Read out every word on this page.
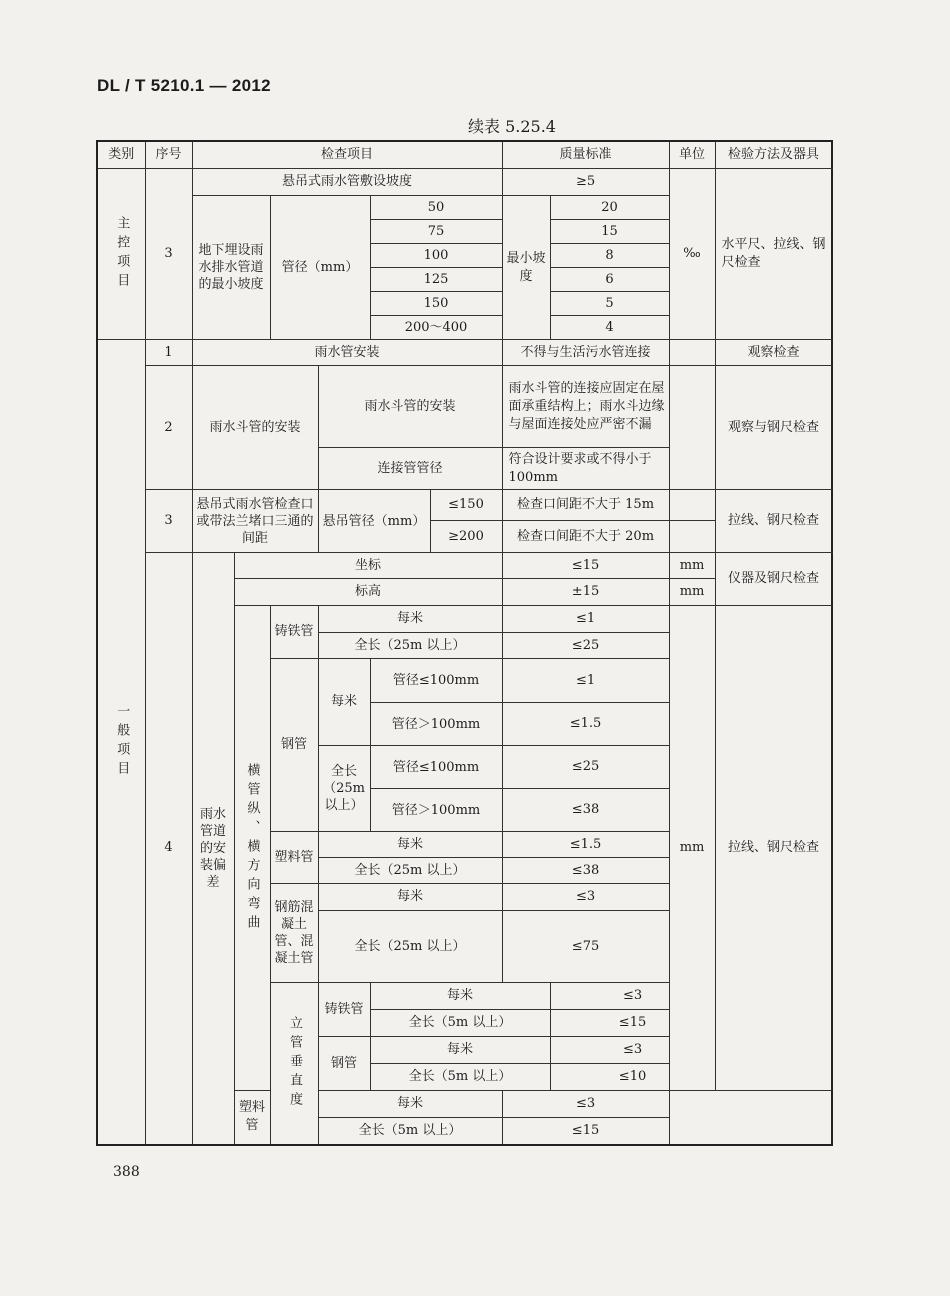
DL / T 5210.1 — 2012
续表 5.25.4
类别	序号	检查项目						质量标准		单位	检验方法及器具	
主控项目	3	悬吊式雨水管敷设坡度						≥5		‰	水平尺、拉线、钢尺检查	
		地下埋设雨水排水管道的最小坡度		管径（mm）		50		最小坡度	20			
						75			15			
						100			8			
						125			6			
						150			5			
						200～400			4			
一般项目	1	雨水管安装						不得与生活污水管连接			观察检查	
	2	雨水斗管的安装			雨水斗管的安装			雨水斗管的连接应固定在屋面承重结构上；雨水斗边缘与屋面连接处应严密不漏			观察与钢尺检查	
					连接管管径			符合设计要求或不得小于 100mm				
	3	悬吊式雨水管检查口或带法兰堵口三通的间距			悬吊管径（mm）		≤150	检查口间距不大于 15m			拉线、钢尺检查	
							≥200	检查口间距不大于 20m				
	4	雨水管道的安装偏差	坐标					≤15		mm	仪器及钢尺检查	
			标高					±15		mm		
			横管纵、横方向弯曲	铸铁管	每米			≤1		mm	拉线、钢尺检查	
					全长（25m 以上）			≤25				
				钢管	每米	管径≤100mm		≤1				
						管径＞100mm		≤1.5				
					全长（25m以上）	管径≤100mm		≤25				
						管径＞100mm		≤38				
				塑料管	每米			≤1.5				
					全长（25m 以上）			≤38				
				钢筋混凝土管、混凝土管	每米			≤3				
					全长（25m 以上）			≤75				
				立管垂直度	铸铁管	每米			≤3		
						全长（5m 以上）			≤15			
					钢管	每米			≤3			
						全长（5m 以上）			≤10			
			塑料管		每米			≤3				
					全长（5m 以上）			≤15				
388
